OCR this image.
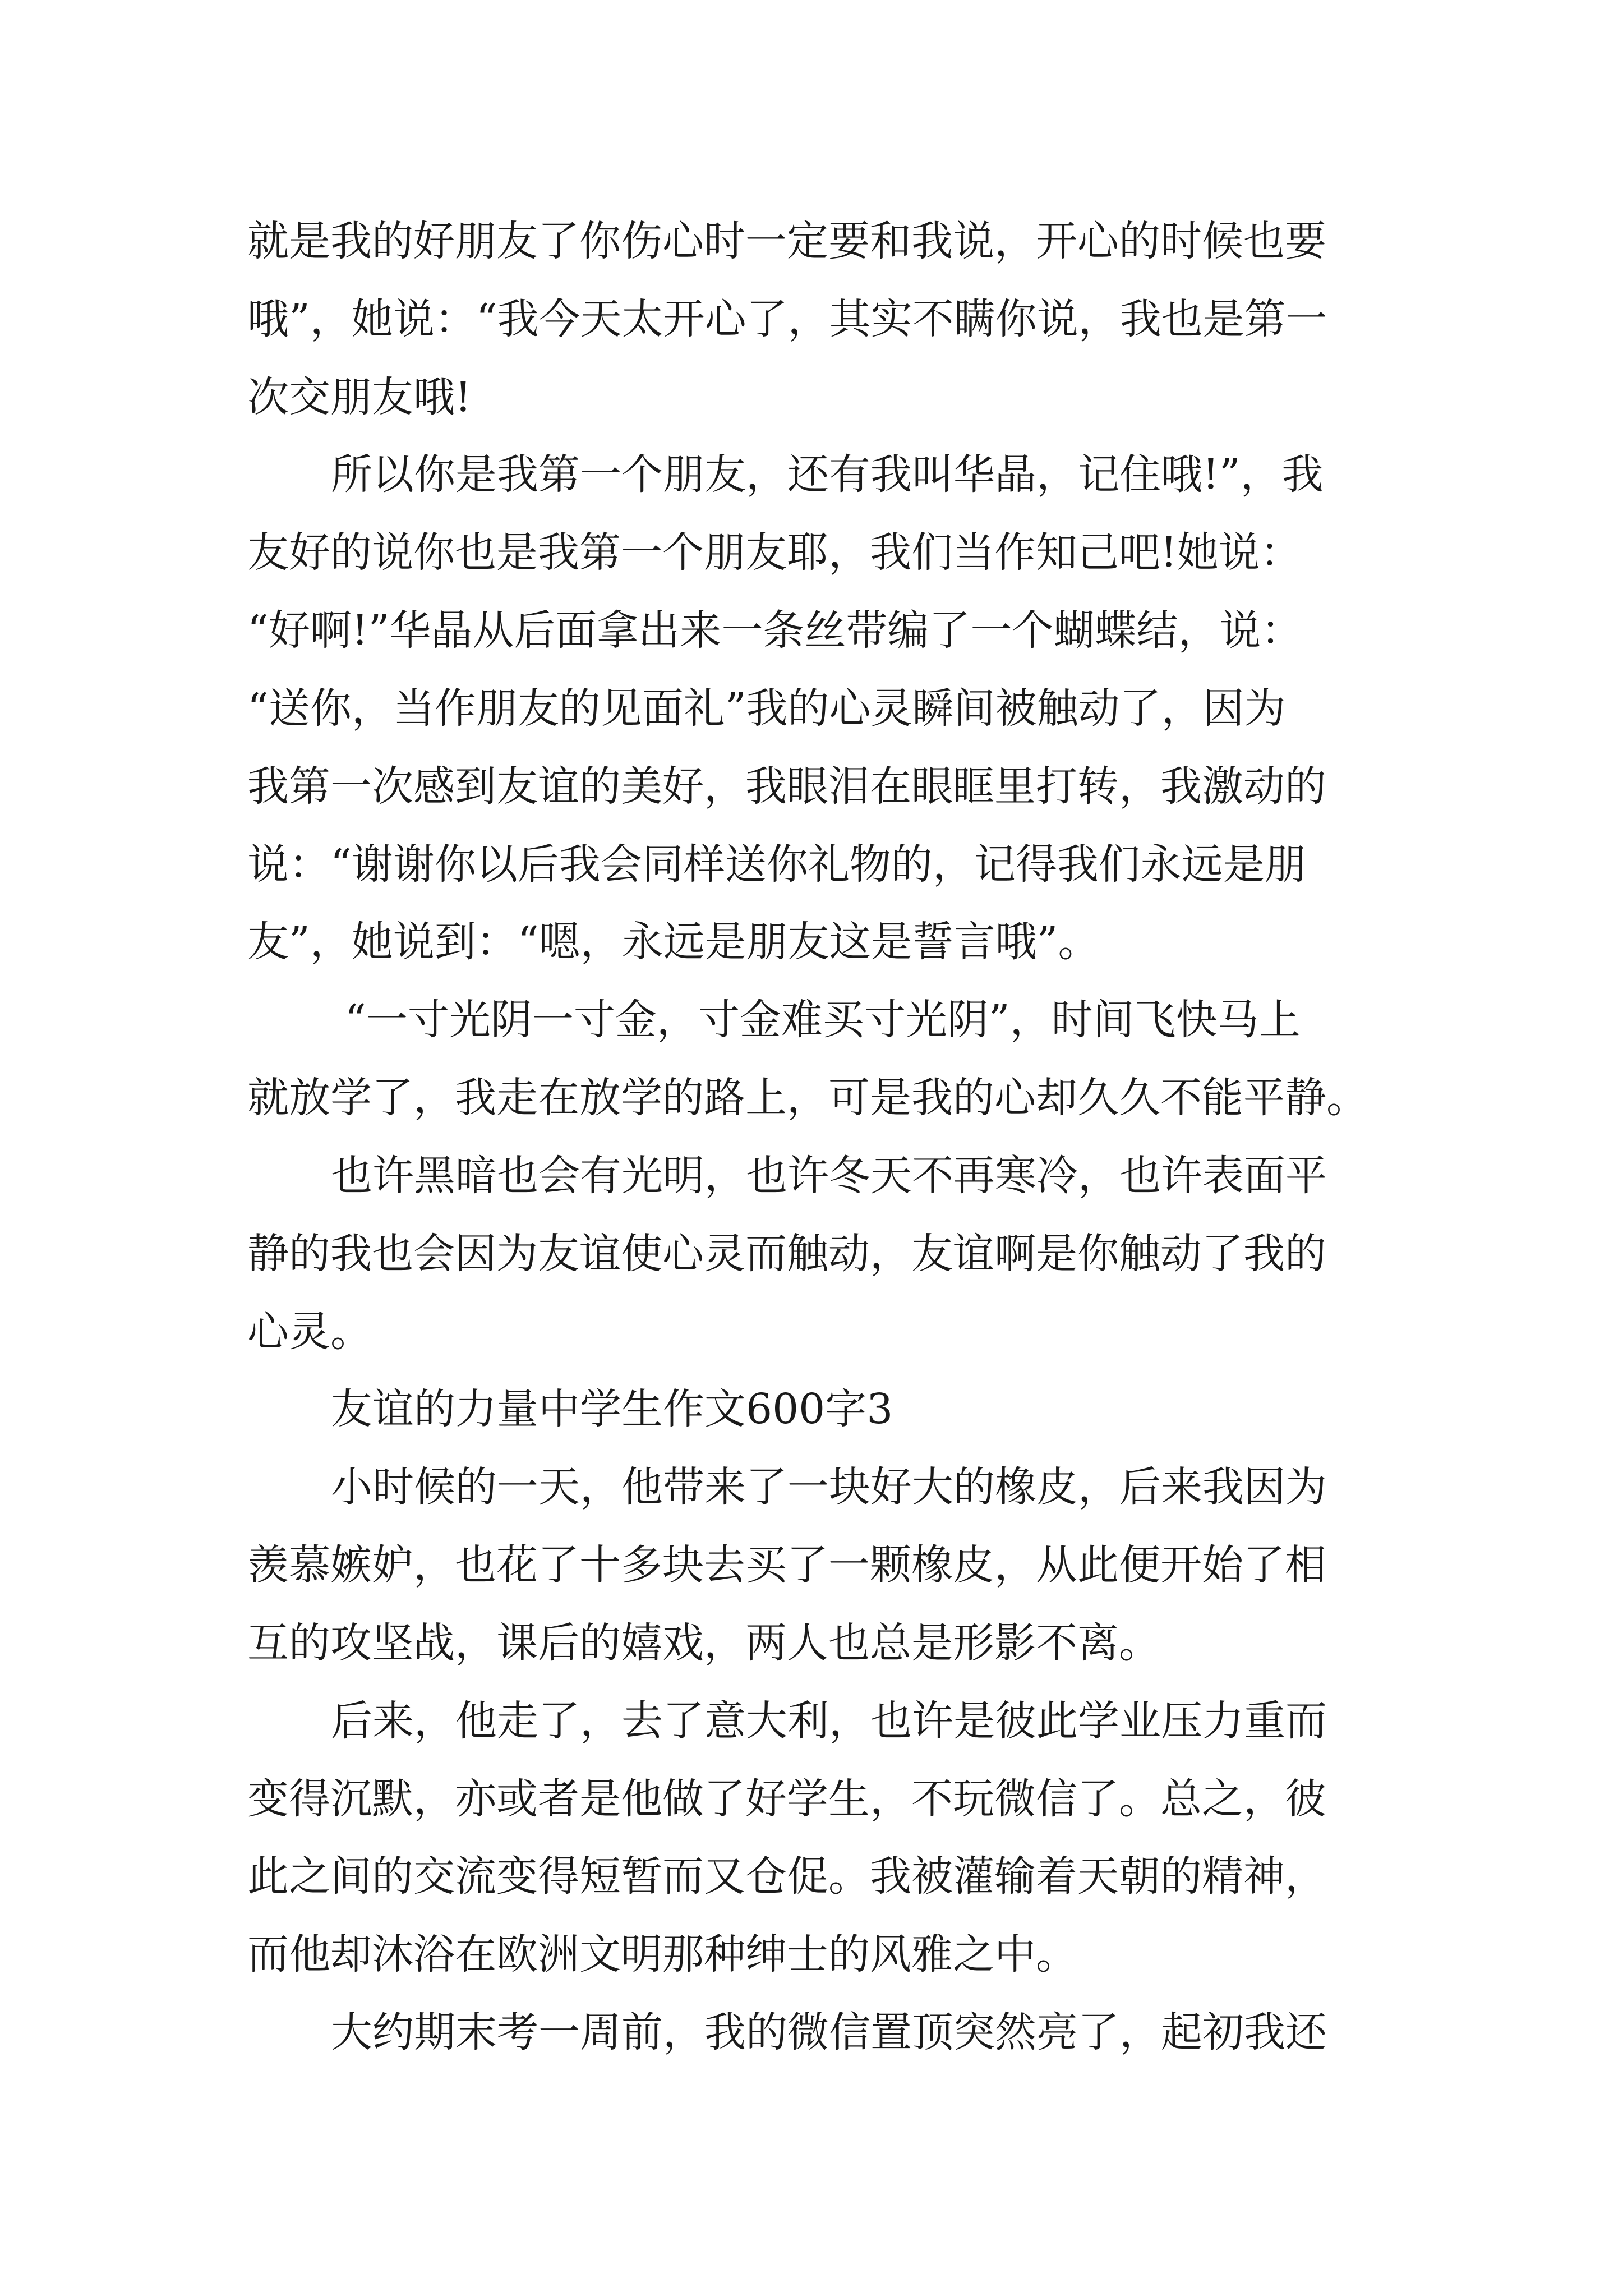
就是我的好朋友了你伤心时一定要和我说，开心的时候也要

哦”，她说：“我今天太开心了，其实不瞒你说，我也是第一

次交朋友哦!

所以你是我第一个朋友，还有我叫华晶，记住哦!”，我

友好的说你也是我第一个朋友耶，我们当作知己吧!她说：

“好啊!”华晶从后面拿出来一条丝带编了一个蝴蝶结，说：

“送你，当作朋友的见面礼”我的心灵瞬间被触动了，因为

我第一次感到友谊的美好，我眼泪在眼眶里打转，我激动的

说：“谢谢你以后我会同样送你礼物的，记得我们永远是朋

友”，她说到：“嗯，永远是朋友这是誓言哦”。

“一寸光阴一寸金，寸金难买寸光阴”，时间飞快马上

就放学了，我走在放学的路上，可是我的心却久久不能平静。

也许黑暗也会有光明，也许冬天不再寒冷，也许表面平

静的我也会因为友谊使心灵而触动，友谊啊是你触动了我的

心灵。

友谊的力量中学生作文600字3

小时候的一天，他带来了一块好大的橡皮，后来我因为

羡慕嫉妒，也花了十多块去买了一颗橡皮，从此便开始了相

互的攻坚战，课后的嬉戏，两人也总是形影不离。

后来，他走了，去了意大利，也许是彼此学业压力重而

变得沉默，亦或者是他做了好学生，不玩微信了。总之，彼

此之间的交流变得短暂而又仓促。我被灌输着天朝的精神，

而他却沐浴在欧洲文明那种绅士的风雅之中。

大约期末考一周前，我的微信置顶突然亮了，起初我还
